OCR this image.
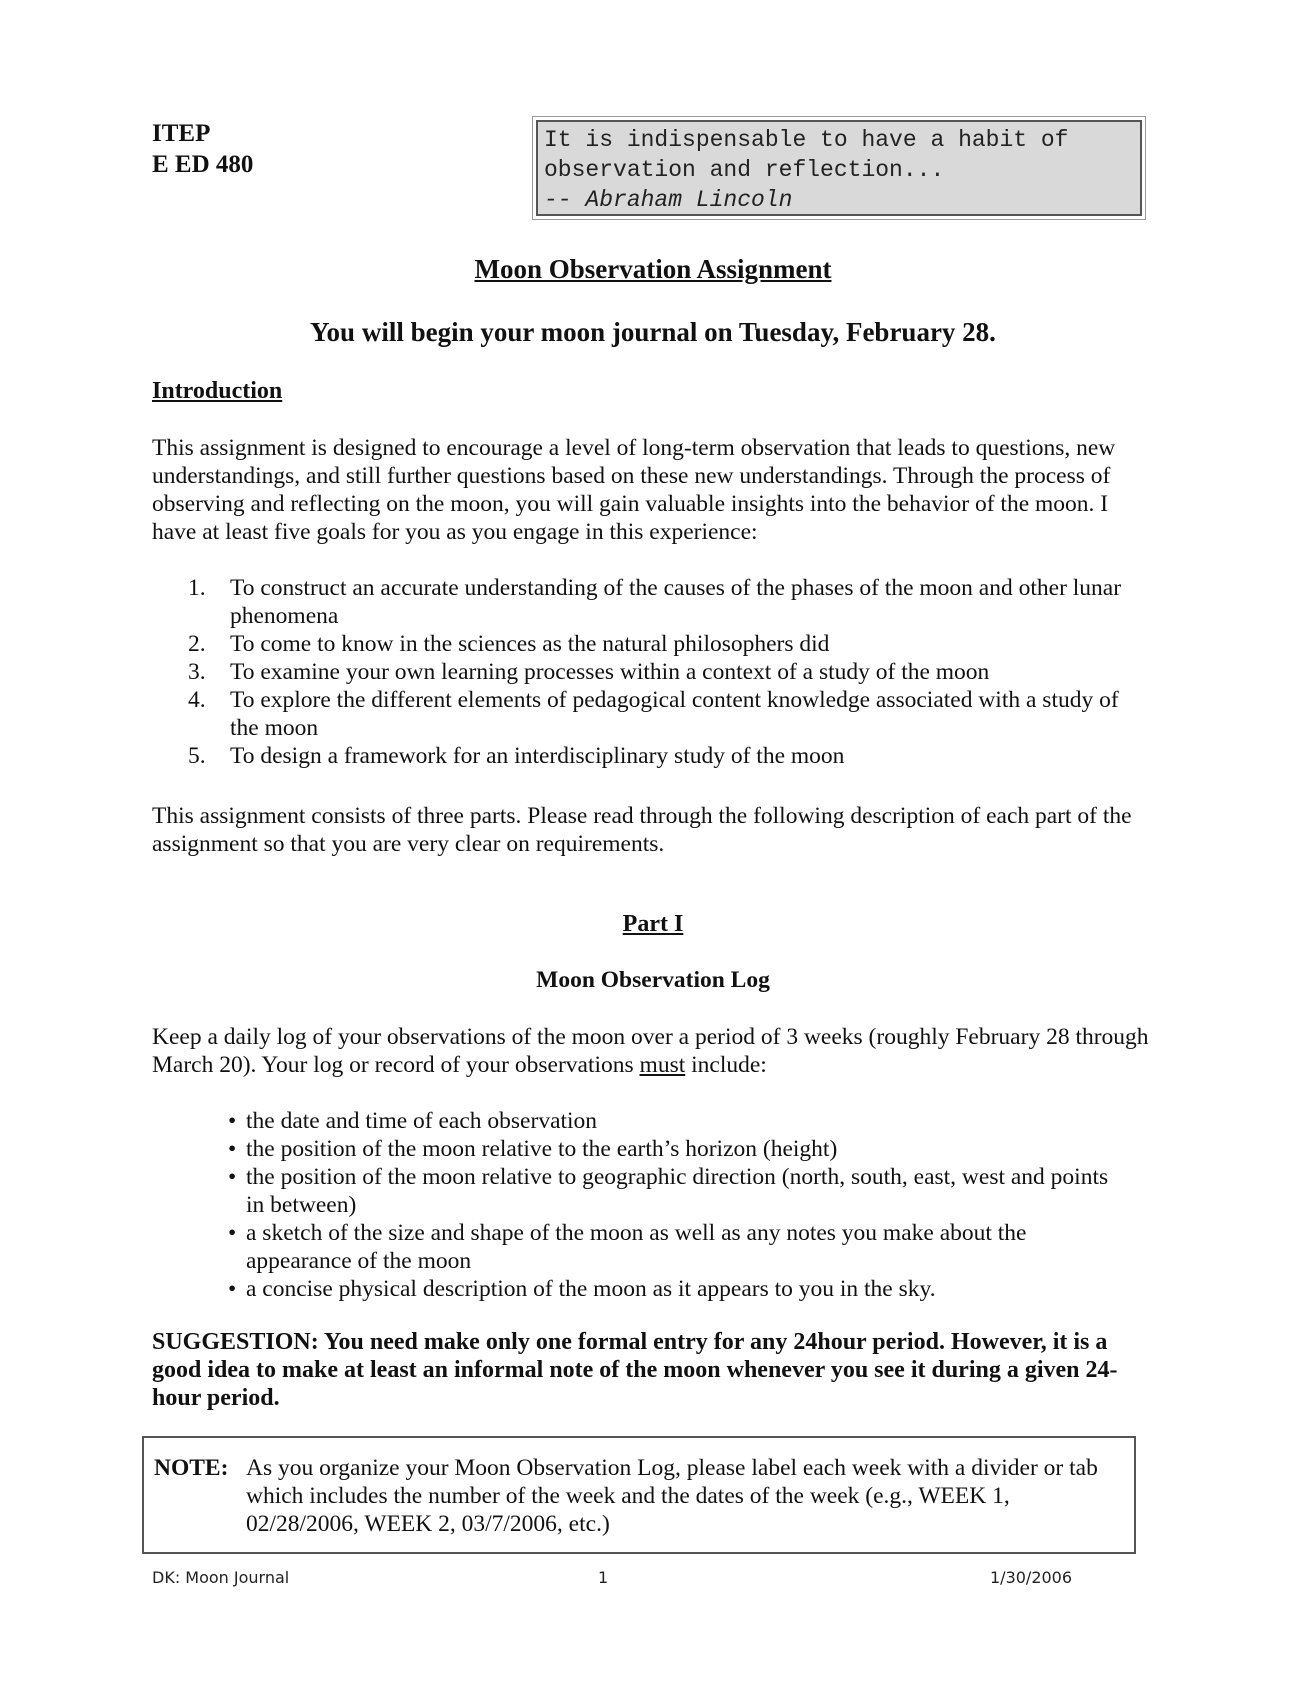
ITEP
E ED 480
It is indispensable to have a habit of
observation and reflection...
-- Abraham Lincoln
Moon Observation Assignment
You will begin your moon journal on Tuesday, February 28.
Introduction
This assignment is designed to encourage a level of long-term observation that leads to questions, new understandings, and still further questions based on these new understandings. Through the process of observing and reflecting on the moon, you will gain valuable insights into the behavior of the moon. I have at least five goals for you as you engage in this experience:
1. To construct an accurate understanding of the causes of the phases of the moon and other lunar phenomena
2. To come to know in the sciences as the natural philosophers did
3. To examine your own learning processes within a context of a study of the moon
4. To explore the different elements of pedagogical content knowledge associated with a study of the moon
5. To design a framework for an interdisciplinary study of the moon
This assignment consists of three parts. Please read through the following description of each part of the assignment so that you are very clear on requirements.
Part I
Moon Observation Log
Keep a daily log of your observations of the moon over a period of 3 weeks (roughly February 28 through March 20). Your log or record of your observations must include:
• the date and time of each observation
• the position of the moon relative to the earth’s horizon (height)
• the position of the moon relative to geographic direction (north, south, east, west and points in between)
• a sketch of the size and shape of the moon as well as any notes you make about the appearance of the moon
• a concise physical description of the moon as it appears to you in the sky.
SUGGESTION: You need make only one formal entry for any 24hour period. However, it is a good idea to make at least an informal note of the moon whenever you see it during a given 24-hour period.
NOTE: As you organize your Moon Observation Log, please label each week with a divider or tab which includes the number of the week and the dates of the week (e.g., WEEK 1, 02/28/2006, WEEK 2, 03/7/2006, etc.)
DK: Moon Journal	1	1/30/2006
